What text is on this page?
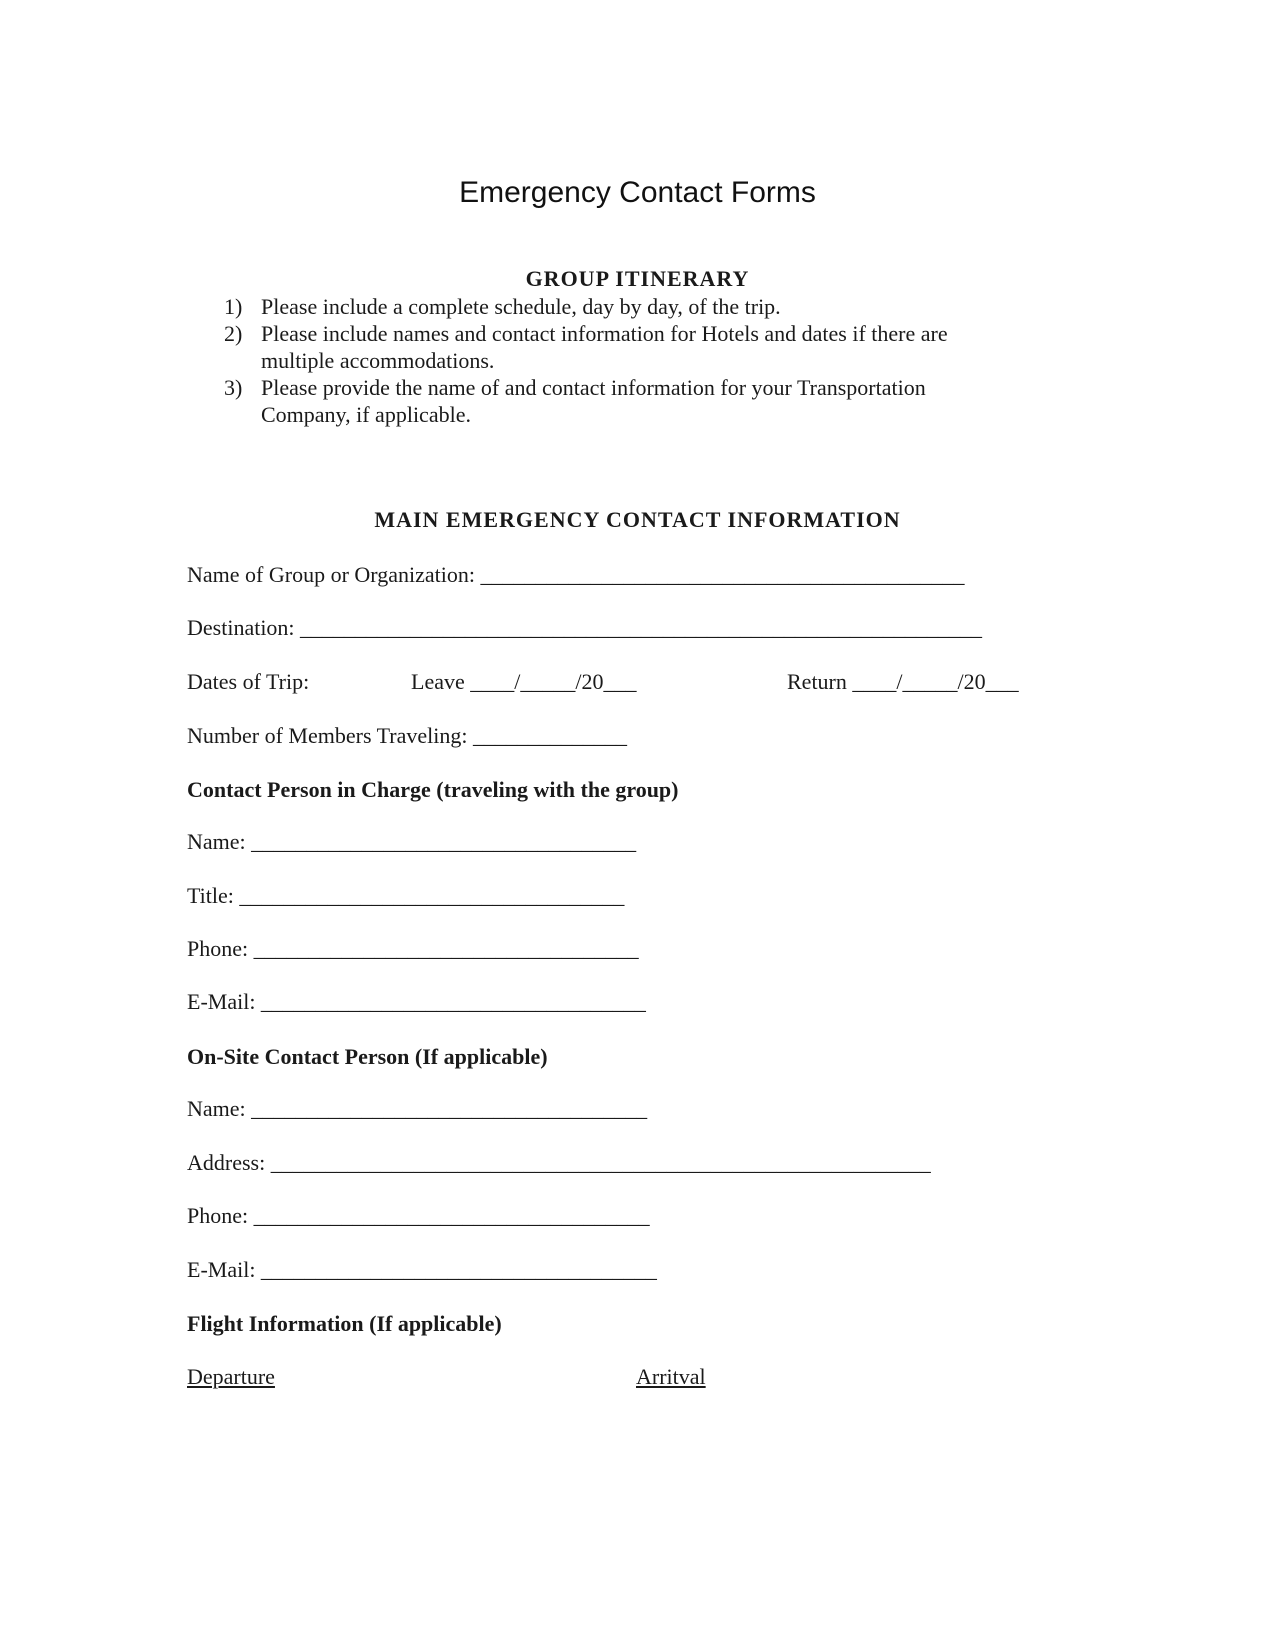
Emergency Contact Forms
GROUP ITINERARY
1) Please include a complete schedule, day by day, of the trip.
2) Please include names and contact information for Hotels and dates if there are
multiple accommodations.
3) Please provide the name of and contact information for your Transportation
Company, if applicable.
MAIN EMERGENCY CONTACT INFORMATION
Name of Group or Organization: ____________________________________________
Destination: ______________________________________________________________
Dates of Trip:	Leave ____/_____/20___	Return ____/_____/20___
Number of Members Traveling: ______________
Contact Person in Charge (traveling with the group)
Name: ___________________________________
Title: ___________________________________
Phone: ___________________________________
E-Mail: ___________________________________
On-Site Contact Person (If applicable)
Name: ____________________________________
Address: ____________________________________________________________
Phone: ____________________________________
E-Mail: ____________________________________
Flight Information (If applicable)
Departure	Arritval
